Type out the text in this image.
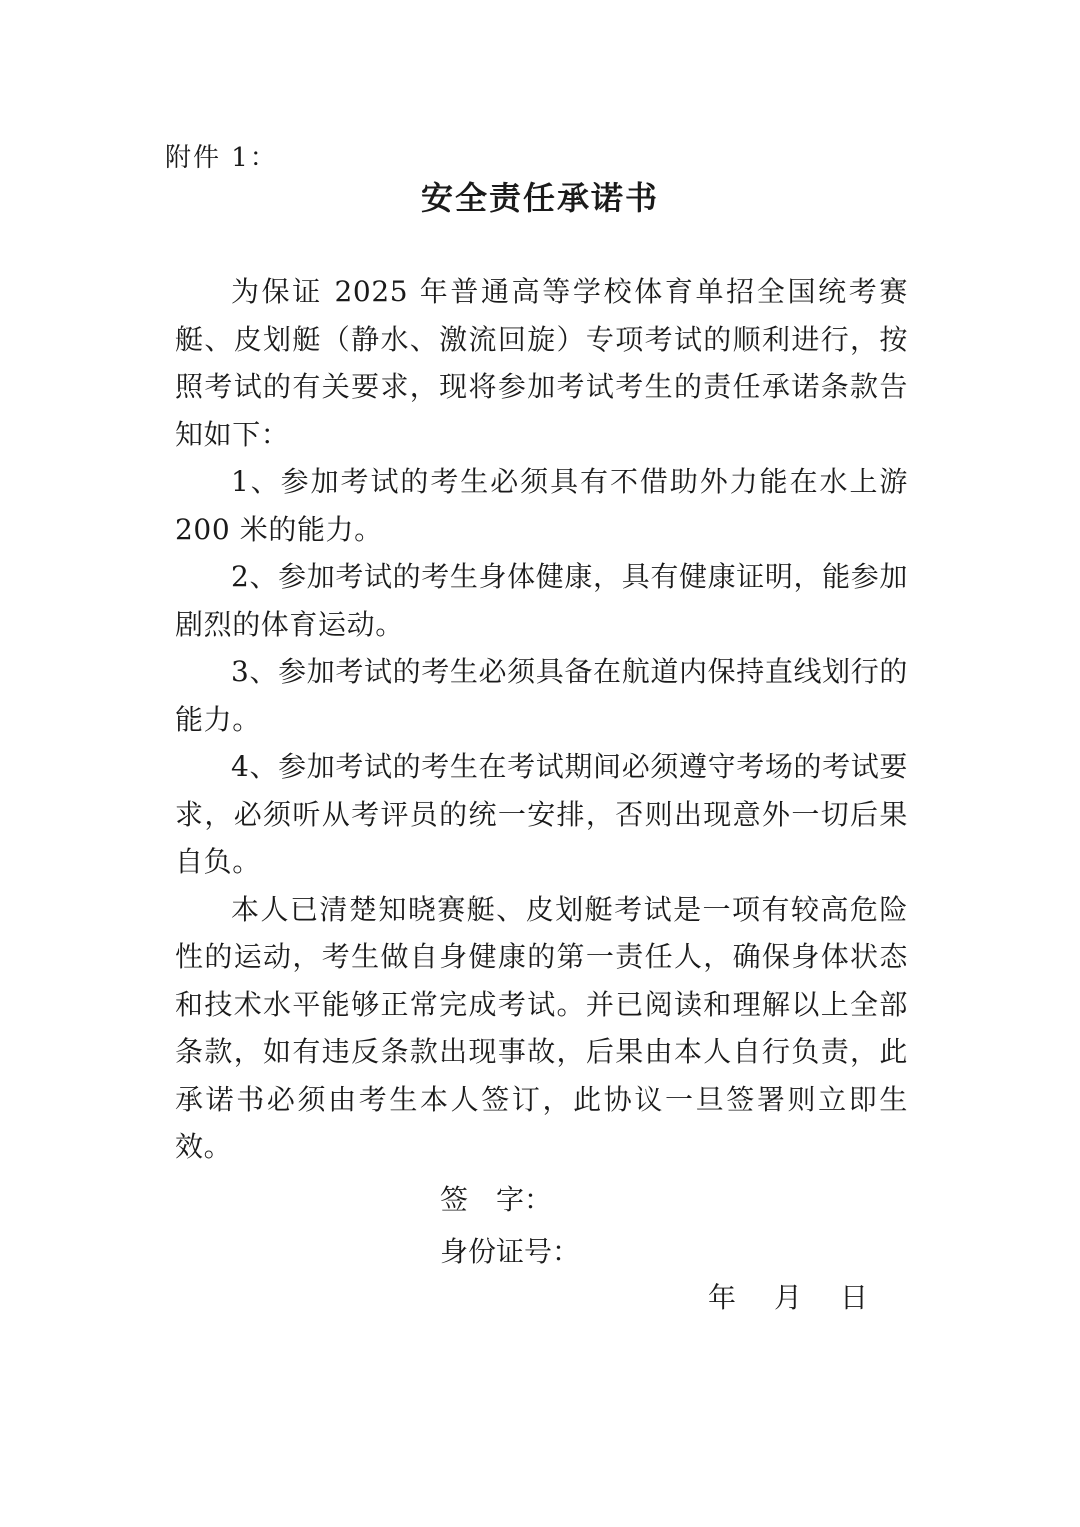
附件 1：
安全责任承诺书

为保证 2025 年普通高等学校体育单招全国统考赛艇、皮划艇（静水、激流回旋）专项考试的顺利进行，按照考试的有关要求，现将参加考试考生的责任承诺条款告知如下：

1、参加考试的考生必须具有不借助外力能在水上游 200 米的能力。

2、参加考试的考生身体健康，具有健康证明，能参加剧烈的体育运动。

3、参加考试的考生必须具备在航道内保持直线划行的能力。

4、参加考试的考生在考试期间必须遵守考场的考试要求，必须听从考评员的统一安排，否则出现意外一切后果自负。

本人已清楚知晓赛艇、皮划艇考试是一项有较高危险性的运动，考生做自身健康的第一责任人，确保身体状态和技术水平能够正常完成考试。并已阅读和理解以上全部条款，如有违反条款出现事故，后果由本人自行负责，此承诺书必须由考生本人签订，此协议一旦签署则立即生效。

签　字：
身份证号：
年 月 日
